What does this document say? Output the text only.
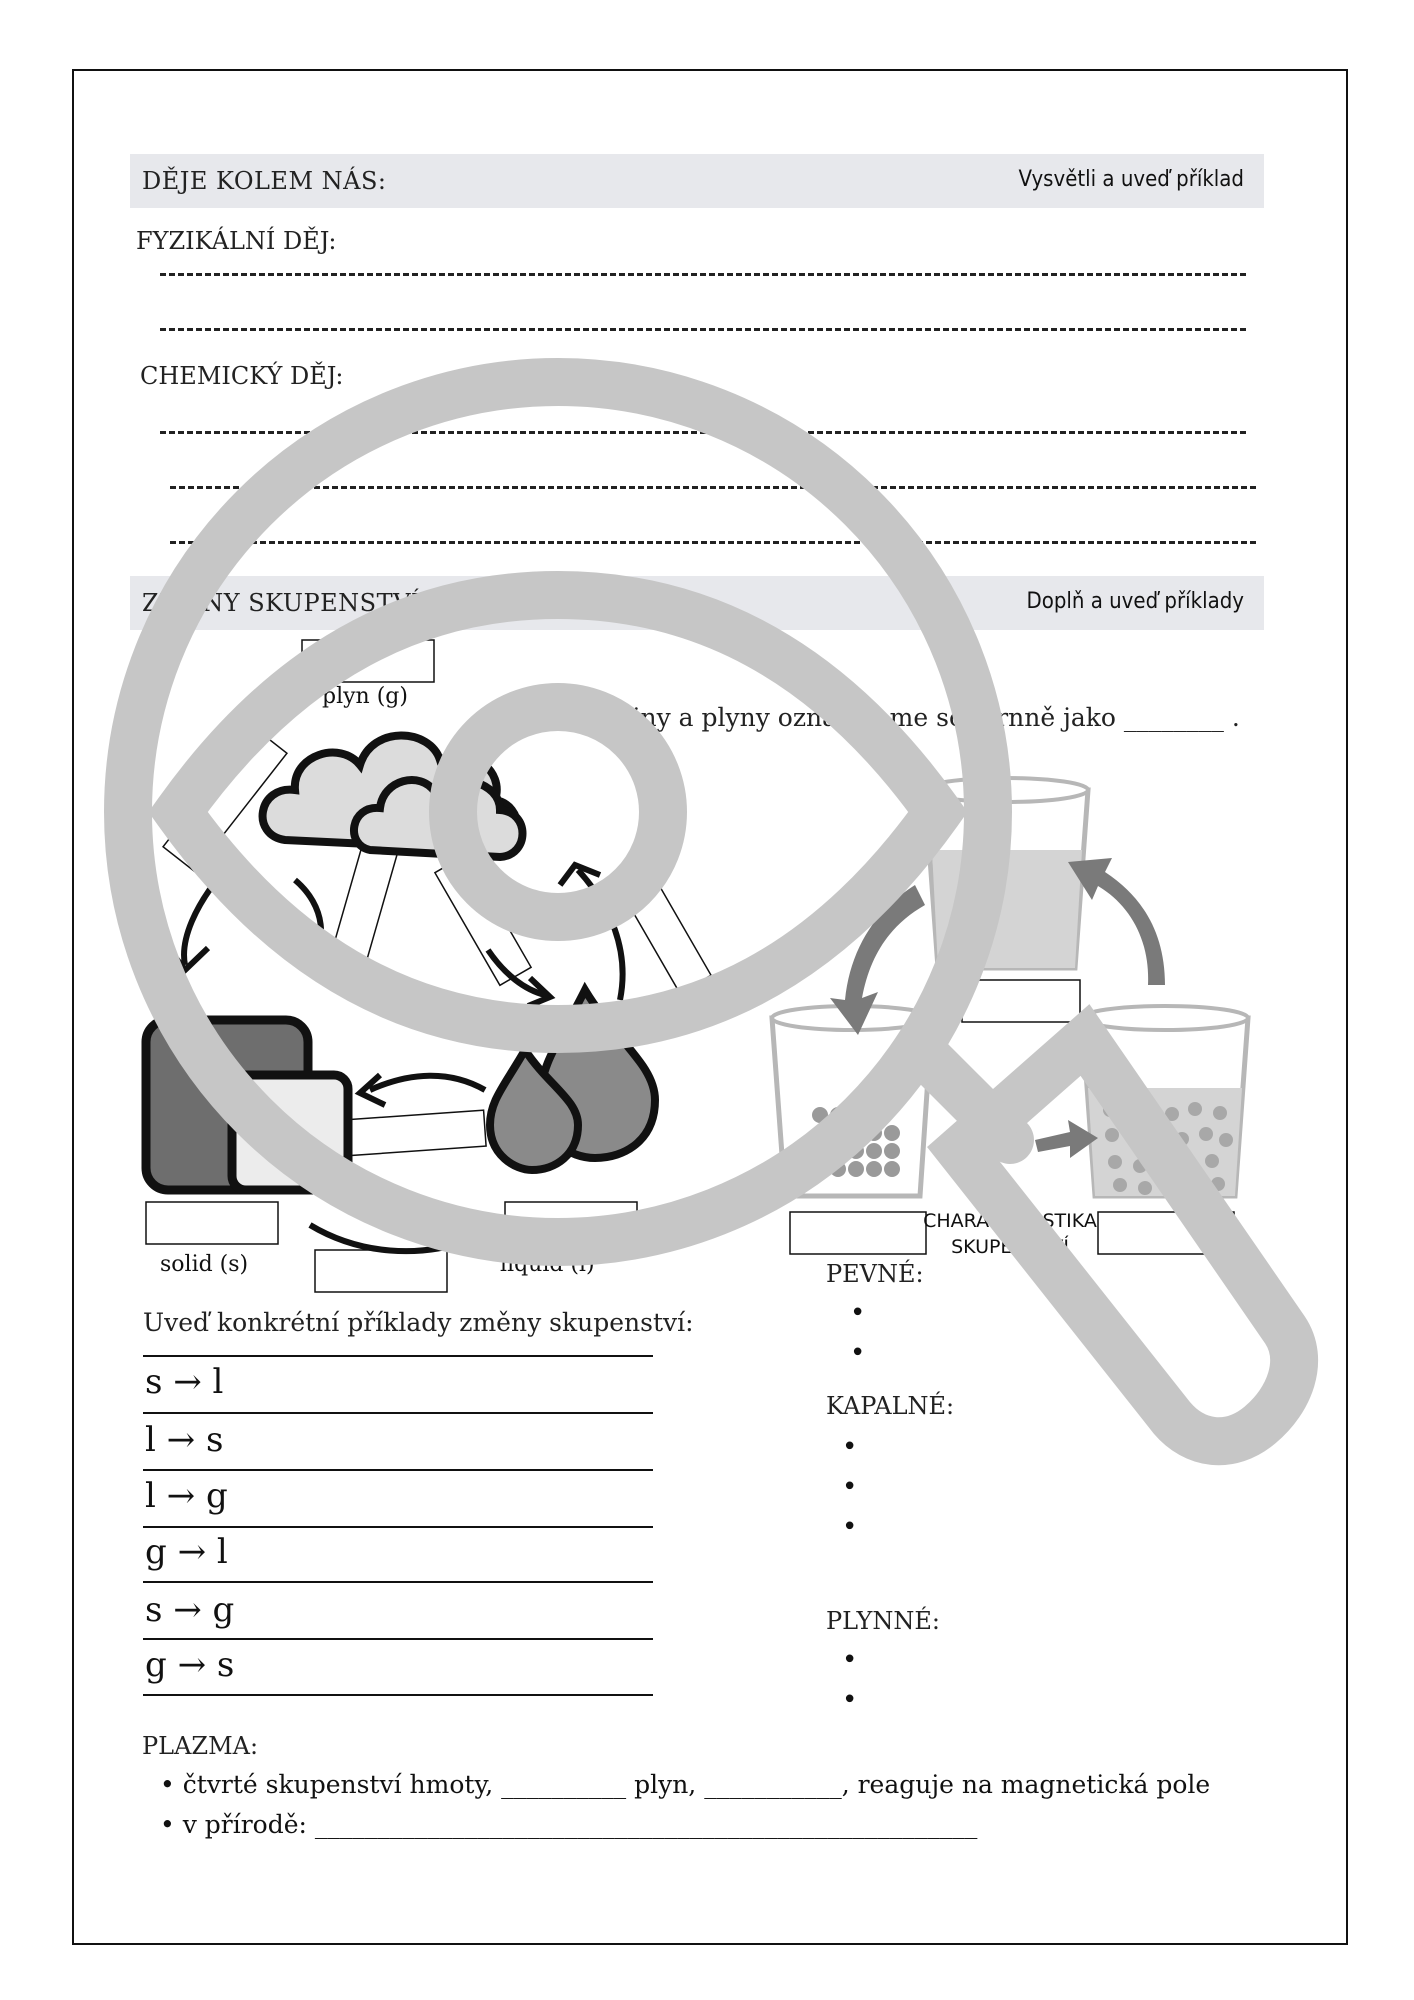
DĚJE KOLEM NÁS:	Vysvětli a uveď příklad
FYZIKÁLNÍ DĚJ:
CHEMICKÝ DĚJ:
ZMĚNY SKUPENSTVÍ:	Doplň a uveď příklady
Kapaliny a plyny označujeme souhrnně jako ________ .
plyn (g)
solid (s)	liquid (l)
CHARAKTERISTIKA
SKUPENSTVÍ
Uveď konkrétní příklady změny skupenství:
s → l
l → s
l → g
g → l
s → g
g → s
PEVNÉ:
•
•
KAPALNÉ:
•
•
•
PLYNNÉ:
•
•
PLAZMA:
• čtvrté skupenství hmoty, __________ plyn, ___________, reaguje na magnetická pole
• v přírodě: _____________________________________________________
